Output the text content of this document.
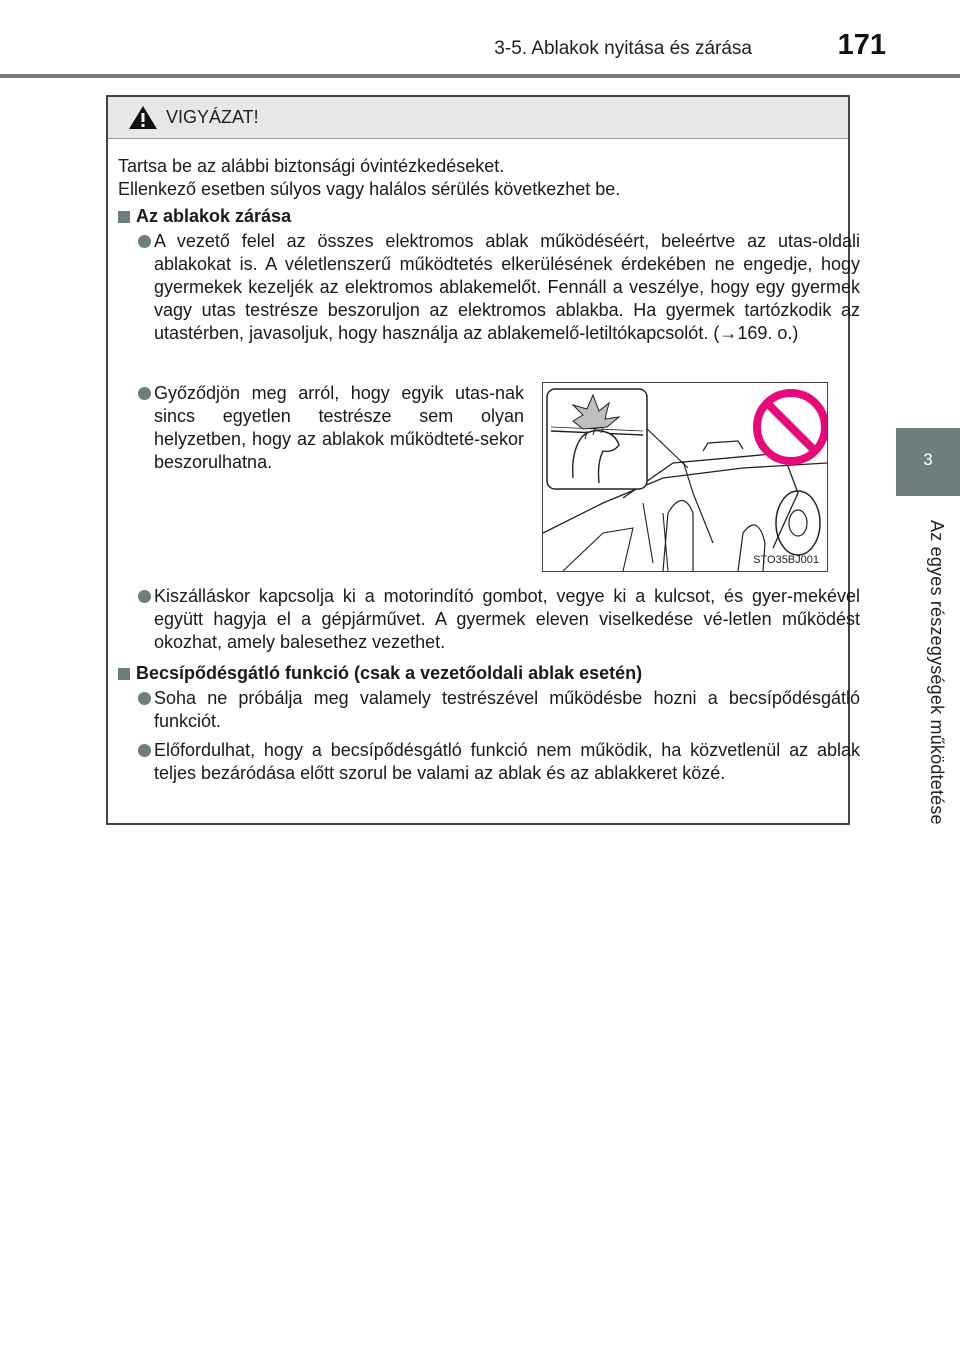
3-5. Ablakok nyitása és zárása	171
3
Az egyes részegységek működtetése
VIGYÁZAT!
Tartsa be az alábbi biztonsági óvintézkedéseket.
Ellenkező esetben súlyos vagy halálos sérülés következhet be.
Az ablakok zárása
A vezető felel az összes elektromos ablak működéséért, beleértve az utas-oldali ablakokat is. A véletlenszerű működtetés elkerülésének érdekében ne engedje, hogy gyermekek kezeljék az elektromos ablakemelőt. Fennáll a veszélye, hogy egy gyermek vagy utas testrésze beszoruljon az elektromos ablakba. Ha gyermek tartózkodik az utastérben, javasoljuk, hogy használja az ablakemelő-letiltókapcsolót. (→169. o.)
Győződjön meg arról, hogy egyik utas-nak sincs egyetlen testrésze sem olyan helyzetben, hogy az ablakok működteté-sekor beszorulhatna.
Kiszálláskor kapcsolja ki a motorindító gombot, vegye ki a kulcsot, és gyer-mekével együtt hagyja el a gépjárművet. A gyermek eleven viselkedése vé-letlen működést okozhat, amely balesethez vezethet.
Becsípődésgátló funkció (csak a vezetőoldali ablak esetén)
Soha ne próbálja meg valamely testrészével működésbe hozni a becsípődésgátló funkciót.
Előfordulhat, hogy a becsípődésgátló funkció nem működik, ha közvetlenül az ablak teljes bezáródása előtt szorul be valami az ablak és az ablakkeret közé.
STO35BJ001
